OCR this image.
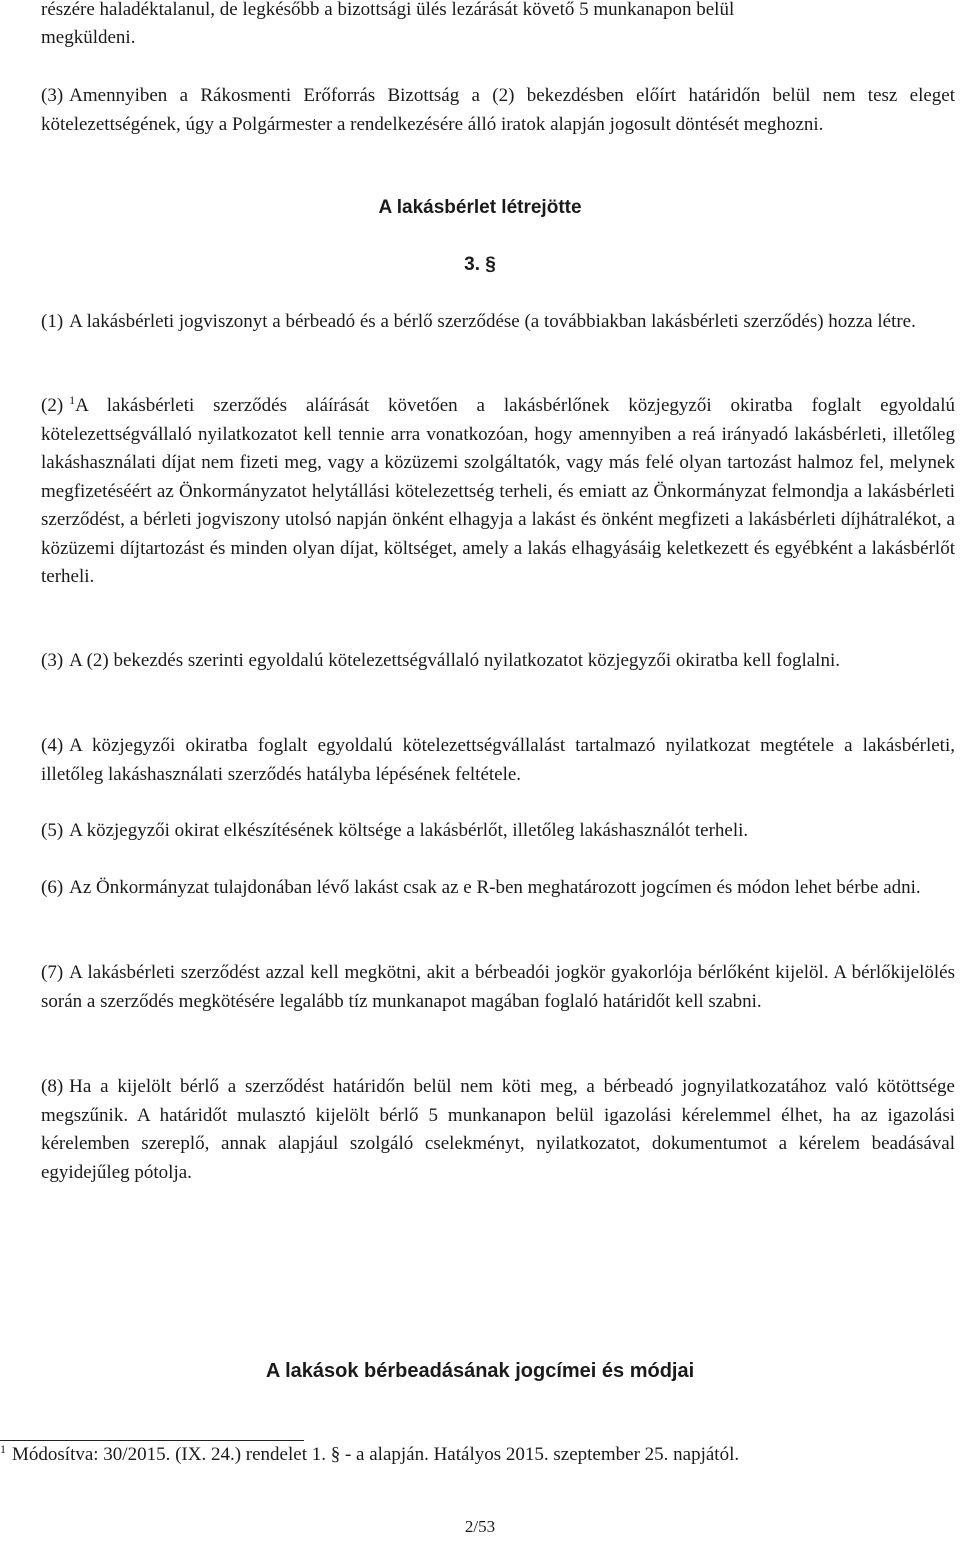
részére haladéktalanul, de legkésőbb a bizottsági ülés lezárását követő 5 munkanapon belül

megküldeni.

(3) Amennyiben a Rákosmenti Erőforrás Bizottság a (2) bekezdésben előírt határidőn belül nem tesz eleget kötelezettségének, úgy a Polgármester a rendelkezésére álló iratok alapján jogosult döntését meghozni.

A lakásbérlet létrejötte
3. §

(1) A lakásbérleti jogviszonyt a bérbeadó és a bérlő szerződése (a továbbiakban lakásbérleti szerződés) hozza létre.

(2) $^1$A lakásbérleti szerződés aláírását követően a lakásbérlőnek közjegyzői okiratba foglalt egyoldalú kötelezettségvállaló nyilatkozatot kell tennie arra vonatkozóan, hogy amennyiben a reá irányadó lakásbérleti, illetőleg lakáshasználati díjat nem fizeti meg, vagy a közüzemi szolgáltatók, vagy más felé olyan tartozást halmoz fel, melynek megfizetéséért az Önkormányzatot helytállási kötelezettség terheli, és emiatt az Önkormányzat felmondja a lakásbérleti szerződést, a bérleti jogviszony utolsó napján önként elhagyja a lakást és önként megfizeti a lakásbérleti díjhátralékot, a közüzemi díjtartozást és minden olyan díjat, költséget, amely a lakás elhagyásáig keletkezett és egyébként a lakásbérlőt terheli.

(3) A (2) bekezdés szerinti egyoldalú kötelezettségvállaló nyilatkozatot közjegyzői okiratba kell foglalni.

(4) A közjegyzői okiratba foglalt egyoldalú kötelezettségvállalást tartalmazó nyilatkozat megtétele a lakásbérleti, illetőleg lakáshasználati szerződés hatályba lépésének feltétele.

(5) A közjegyzői okirat elkészítésének költsége a lakásbérlőt, illetőleg lakáshasználót terheli.

(6) Az Önkormányzat tulajdonában lévő lakást csak az e R-ben meghatározott jogcímen és módon lehet bérbe adni.

(7) A lakásbérleti szerződést azzal kell megkötni, akit a bérbeadói jogkör gyakorlója bérlőként kijelöl. A bérlőkijelölés során a szerződés megkötésére legalább tíz munkanapot magában foglaló határidőt kell szabni.

(8) Ha a kijelölt bérlő a szerződést határidőn belül nem köti meg, a bérbeadó jognyilatkozatához való kötöttsége megszűnik. A határidőt mulasztó kijelölt bérlő 5 munkanapon belül igazolási kérelemmel élhet, ha az igazolási kérelemben szereplő, annak alapjául szolgáló cselekményt, nyilatkozatot, dokumentumot a kérelem beadásával egyidejűleg pótolja.

A lakások bérbeadásának jogcímei és módjai
$^1$ Módosítva: 30/2015. (IX. 24.) rendelet 1. § - a alapján. Hatályos 2015. szeptember 25. napjától.
2/53
